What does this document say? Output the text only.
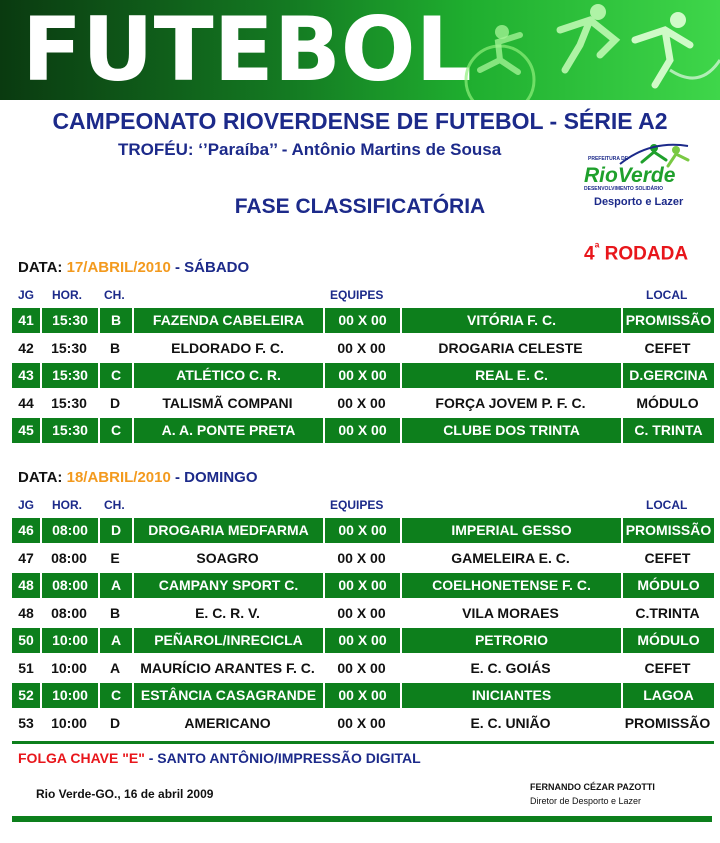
FUTEBOL
CAMPEONATO RIOVERDENSE DE FUTEBOL - SÉRIE A2
TROFÉU: ‘’Paraíba’’ - Antônio Martins de Sousa	PREFEITURA DE
RioVerde
DESENVOLVIMENTO SOLIDÁRIO
Desporto e Lazer
FASE CLASSIFICATÓRIA
$4^ª$ RODADA
DATA: 17/ABRIL/2010 - SÁBADO
JG HOR. CH.	EQUIPES	LOCAL
41	15:30	B	FAZENDA CABELEIRA	00 X 00	VITÓRIA F. C.	PROMISSÃO
42	15:30	B	ELDORADO F. C.	00 X 00	DROGARIA CELESTE	CEFET
43	15:30	C	ATLÉTICO C. R.	00 X 00	REAL E. C.	D.GERCINA
44	15:30	D	TALISMÃ COMPANI	00 X 00	FORÇA JOVEM P. F. C.	MÓDULO
45	15:30	C	A. A. PONTE PRETA	00 X 00	CLUBE DOS TRINTA	C. TRINTA
DATA: 18/ABRIL/2010 - DOMINGO
JG HOR. CH.	EQUIPES	LOCAL
46	08:00	D	DROGARIA MEDFARMA	00 X 00	IMPERIAL GESSO	PROMISSÃO
47	08:00	E	SOAGRO	00 X 00	GAMELEIRA E. C.	CEFET
48	08:00	A	CAMPANY SPORT C.	00 X 00	COELHONETENSE F. C.	MÓDULO
48	08:00	B	E. C. R. V.	00 X 00	VILA MORAES	C.TRINTA
50	10:00	A	PEÑAROL/INRECICLA	00 X 00	PETRORIO	MÓDULO
51	10:00	A	MAURÍCIO ARANTES F. C.	00 X 00	E. C. GOIÁS	CEFET
52	10:00	C	ESTÂNCIA CASAGRANDE	00 X 00	INICIANTES	LAGOA
53	10:00	D	AMERICANO	00 X 00	E. C. UNIÃO	PROMISSÃO
FOLGA CHAVE "E" - SANTO ANTÔNIO/IMPRESSÃO DIGITAL
Rio Verde-GO., 16 de abril 2009	FERNANDO CÉZAR PAZOTTI
Diretor de Desporto e Lazer
